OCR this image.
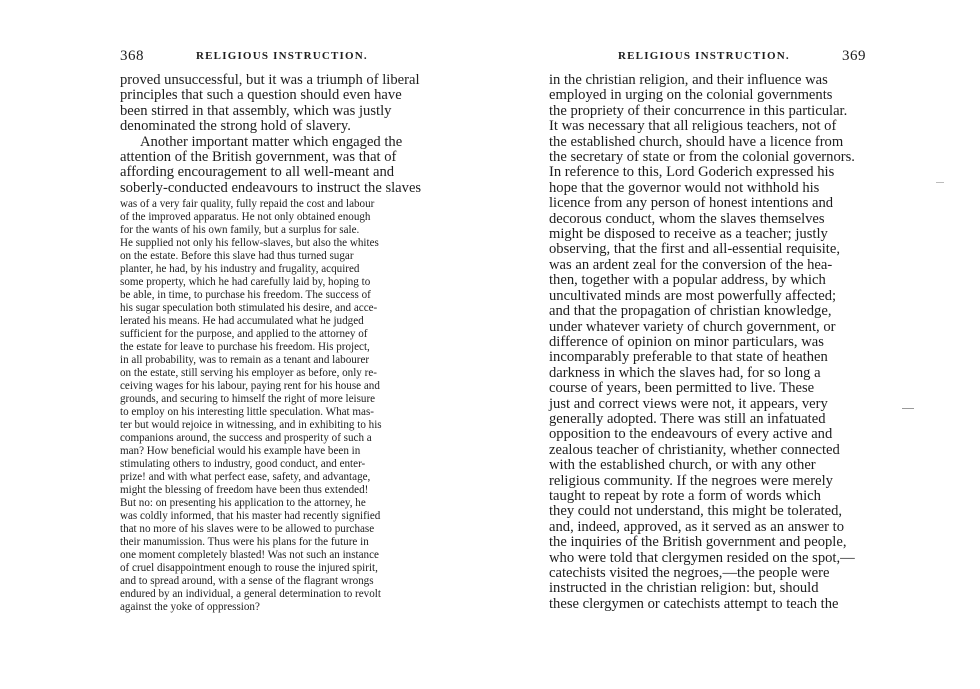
368	RELIGIOUS INSTRUCTION.
proved unsuccessful, but it was a triumph of liberal
principles that such a question should even have
been stirred in that assembly, which was justly
denominated the strong hold of slavery.
Another important matter which engaged the
attention of the British government, was that of
affording encouragement to all well-meant and
soberly-conducted endeavours to instruct the slaves
was of a very fair quality, fully repaid the cost and labour
of the improved apparatus. He not only obtained enough
for the wants of his own family, but a surplus for sale.
He supplied not only his fellow-slaves, but also the whites
on the estate. Before this slave had thus turned sugar
planter, he had, by his industry and frugality, acquired
some property, which he had carefully laid by, hoping to
be able, in time, to purchase his freedom. The success of
his sugar speculation both stimulated his desire, and acce-
lerated his means. He had accumulated what he judged
sufficient for the purpose, and applied to the attorney of
the estate for leave to purchase his freedom. His project,
in all probability, was to remain as a tenant and labourer
on the estate, still serving his employer as before, only re-
ceiving wages for his labour, paying rent for his house and
grounds, and securing to himself the right of more leisure
to employ on his interesting little speculation. What mas-
ter but would rejoice in witnessing, and in exhibiting to his
companions around, the success and prosperity of such a
man? How beneficial would his example have been in
stimulating others to industry, good conduct, and enter-
prize! and with what perfect ease, safety, and advantage,
might the blessing of freedom have been thus extended!
But no: on presenting his application to the attorney, he
was coldly informed, that his master had recently signified
that no more of his slaves were to be allowed to purchase
their manumission. Thus were his plans for the future in
one moment completely blasted! Was not such an instance
of cruel disappointment enough to rouse the injured spirit,
and to spread around, with a sense of the flagrant wrongs
endured by an individual, a general determination to revolt
against the yoke of oppression?
RELIGIOUS INSTRUCTION.	369
in the christian religion, and their influence was
employed in urging on the colonial governments
the propriety of their concurrence in this particular.
It was necessary that all religious teachers, not of
the established church, should have a licence from
the secretary of state or from the colonial governors.
In reference to this, Lord Goderich expressed his
hope that the governor would not withhold his
licence from any person of honest intentions and
decorous conduct, whom the slaves themselves
might be disposed to receive as a teacher; justly
observing, that the first and all-essential requisite,
was an ardent zeal for the conversion of the hea-
then, together with a popular address, by which
uncultivated minds are most powerfully affected;
and that the propagation of christian knowledge,
under whatever variety of church government, or
difference of opinion on minor particulars, was
incomparably preferable to that state of heathen
darkness in which the slaves had, for so long a
course of years, been permitted to live. These
just and correct views were not, it appears, very
generally adopted. There was still an infatuated
opposition to the endeavours of every active and
zealous teacher of christianity, whether connected
with the established church, or with any other
religious community. If the negroes were merely
taught to repeat by rote a form of words which
they could not understand, this might be tolerated,
and, indeed, approved, as it served as an answer to
the inquiries of the British government and people,
who were told that clergymen resided on the spot,—
catechists visited the negroes,—the people were
instructed in the christian religion: but, should
these clergymen or catechists attempt to teach the
